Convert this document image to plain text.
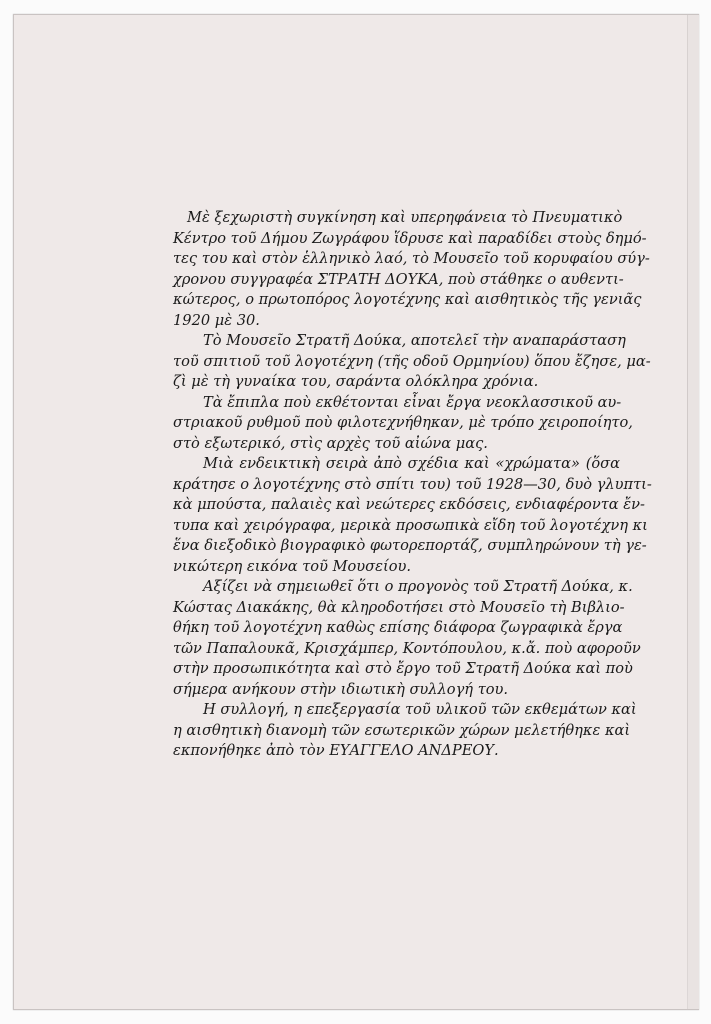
Μὲ ξεχωριστὴ συγκίνηση καὶ υπερηφάνεια τὸ Πνευματικὸ
Κέντρο τοῦ Δήμου Ζωγράφου ἵδρυσε καὶ παραδίδει στοὺς δημό-
τες του καὶ στὸν ἑλληνικὸ λαό, τὸ Μουσεῖο τοῦ κορυφαίου σύγ-
χρονου συγγραφέα ΣΤΡΑΤΗ ΔΟΥΚΑ, ποὺ στάθηκε ο αυθεντι-
κώτερος, ο πρωτοπόρος λογοτέχνης καὶ αισθητικὸς τῆς γενιᾶς
1920 μὲ 30.

Τὸ Μουσεῖο Στρατῆ Δούκα, αποτελεῖ τὴν αναπαράσταση
τοῦ σπιτιοῦ τοῦ λογοτέχνη (τῆς οδοῦ Ορμηνίου) ὅπου ἔζησε, μα-
ζὶ μὲ τὴ γυναίκα του, σαράντα ολόκληρα χρόνια.

Τὰ ἔπιπλα ποὺ εκθέτονται εἶναι ἔργα νεοκλασσικοῦ αυ-
στριακοῦ ρυθμοῦ ποὺ φιλοτεχνήθηκαν, μὲ τρόπο χειροποίητο,
στὸ εξωτερικό, στὶς αρχὲς τοῦ αἰώνα μας.

Μιὰ ενδεικτικὴ σειρὰ ἀπὸ σχέδια καὶ «χρώματα» (ὅσα
κράτησε ο λογοτέχνης στὸ σπίτι του) τοῦ 1928—30, δυὸ γλυπτι-
κὰ μπούστα, παλαιὲς καὶ νεώτερες εκδόσεις, ενδιαφέροντα ἔν-
τυπα καὶ χειρόγραφα, μερικὰ προσωπικὰ εἴδη τοῦ λογοτέχνη κι
ἕνα διεξοδικὸ βιογραφικὸ φωτορεπορτάζ, συμπληρώνουν τὴ γε-
νικώτερη εικόνα τοῦ Μουσείου.

Αξίζει νὰ σημειωθεῖ ὅτι ο προγονὸς τοῦ Στρατῆ Δούκα, κ.
Κώστας Διακάκης, θὰ κληροδοτήσει στὸ Μουσεῖο τὴ Βιβλιο-
θήκη τοῦ λογοτέχνη καθὼς επίσης διάφορα ζωγραφικὰ ἔργα
τῶν Παπαλουκᾶ, Κρισχάμπερ, Κοντόπουλου, κ.ἄ. ποὺ αφοροῦν
στὴν προσωπικότητα καὶ στὸ ἔργο τοῦ Στρατῆ Δούκα καὶ ποὺ
σήμερα ανήκουν στὴν ιδιωτικὴ συλλογή του.

Η συλλογή, η επεξεργασία τοῦ υλικοῦ τῶν εκθεμάτων καὶ
η αισθητικὴ διανομὴ τῶν εσωτερικῶν χώρων μελετήθηκε καὶ
εκπονήθηκε ἀπὸ τὸν ΕΥΑΓΓΕΛΟ ΑΝΔΡΕΟΥ.
